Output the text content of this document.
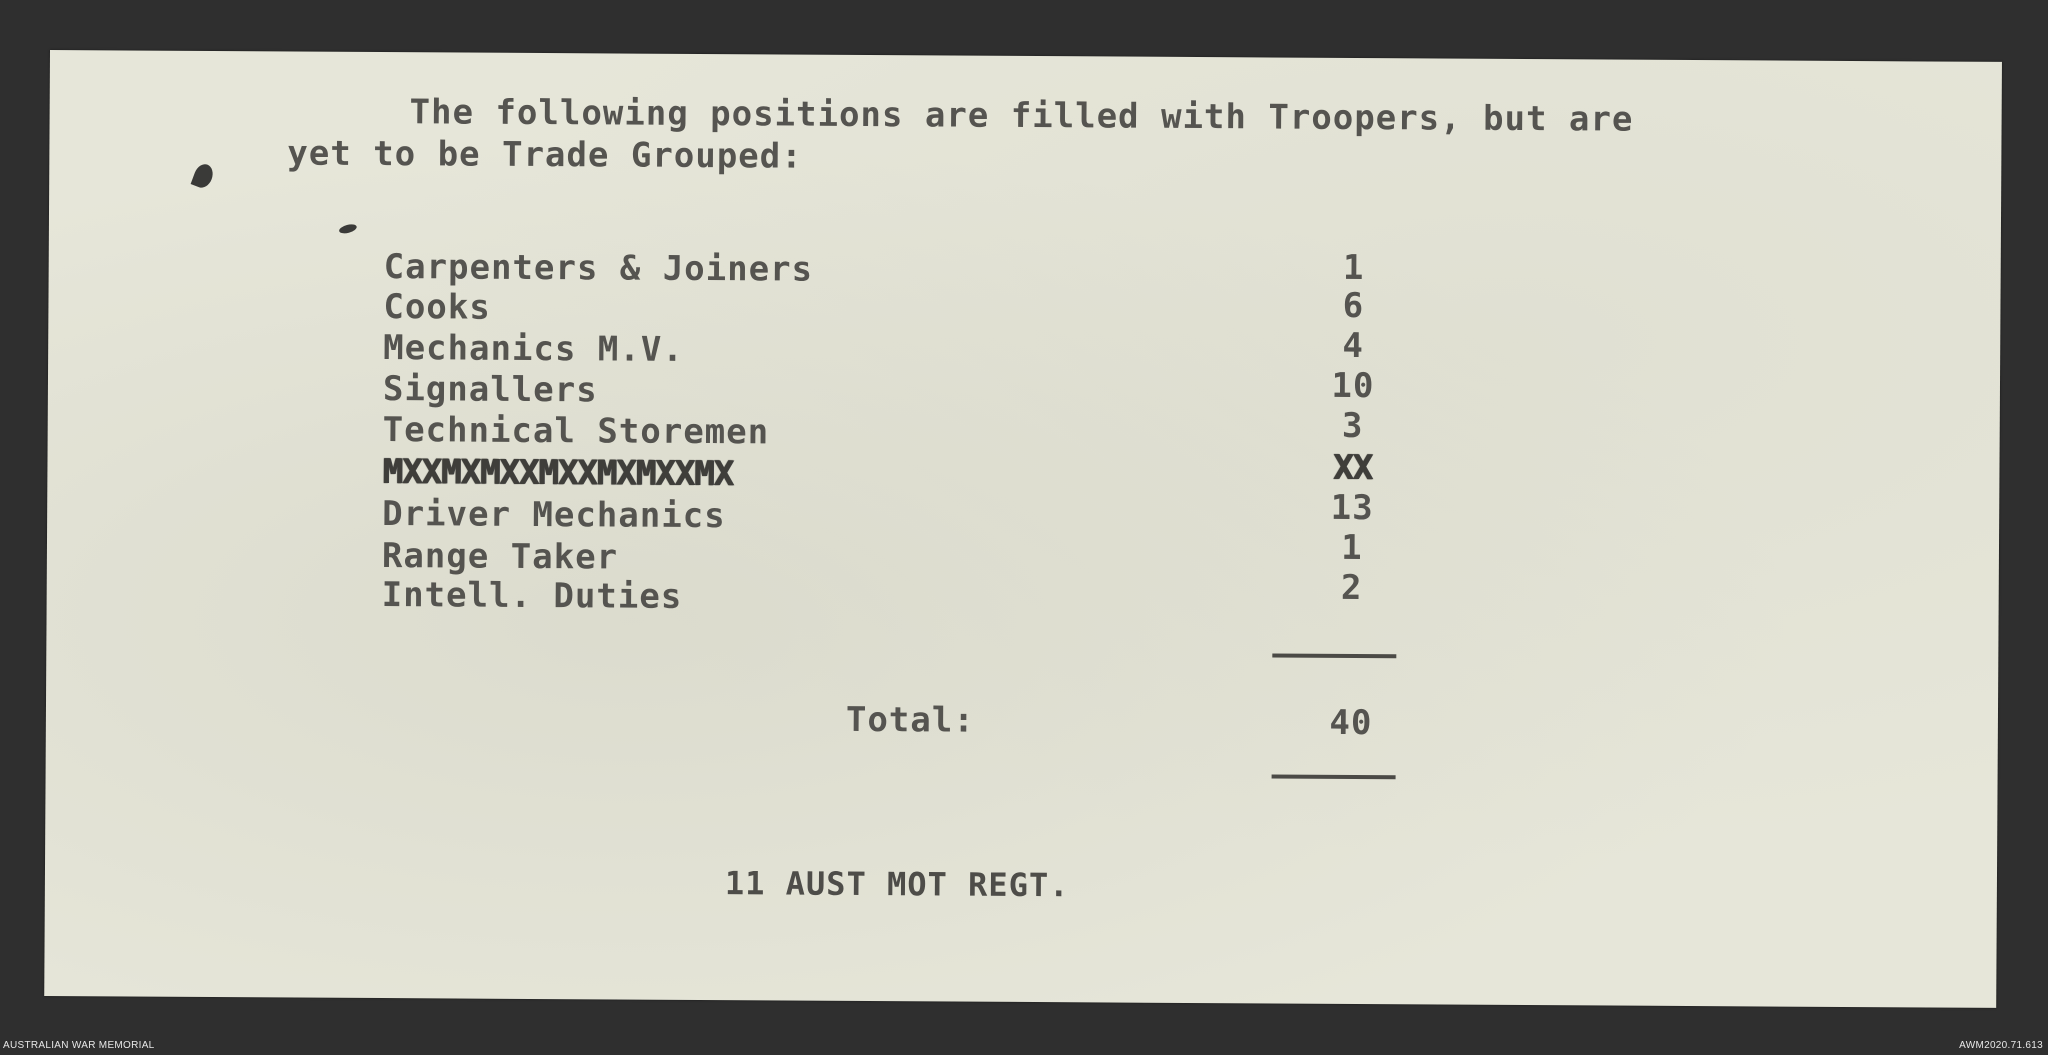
The following positions are filled with Troopers, but are
yet to be Trade Grouped:
Carpenters & Joiners	1
Cooks	6
Mechanics M.V.	4
Signallers	10
Technical Storemen	3
MXXMXMXXMXXMXMXXMX	XX
Driver Mechanics	13
Range Taker	1
Intell. Duties	2
Total:	40
11 AUST MOT REGT.
AUSTRALIAN WAR MEMORIAL	AWM2020.71.613
